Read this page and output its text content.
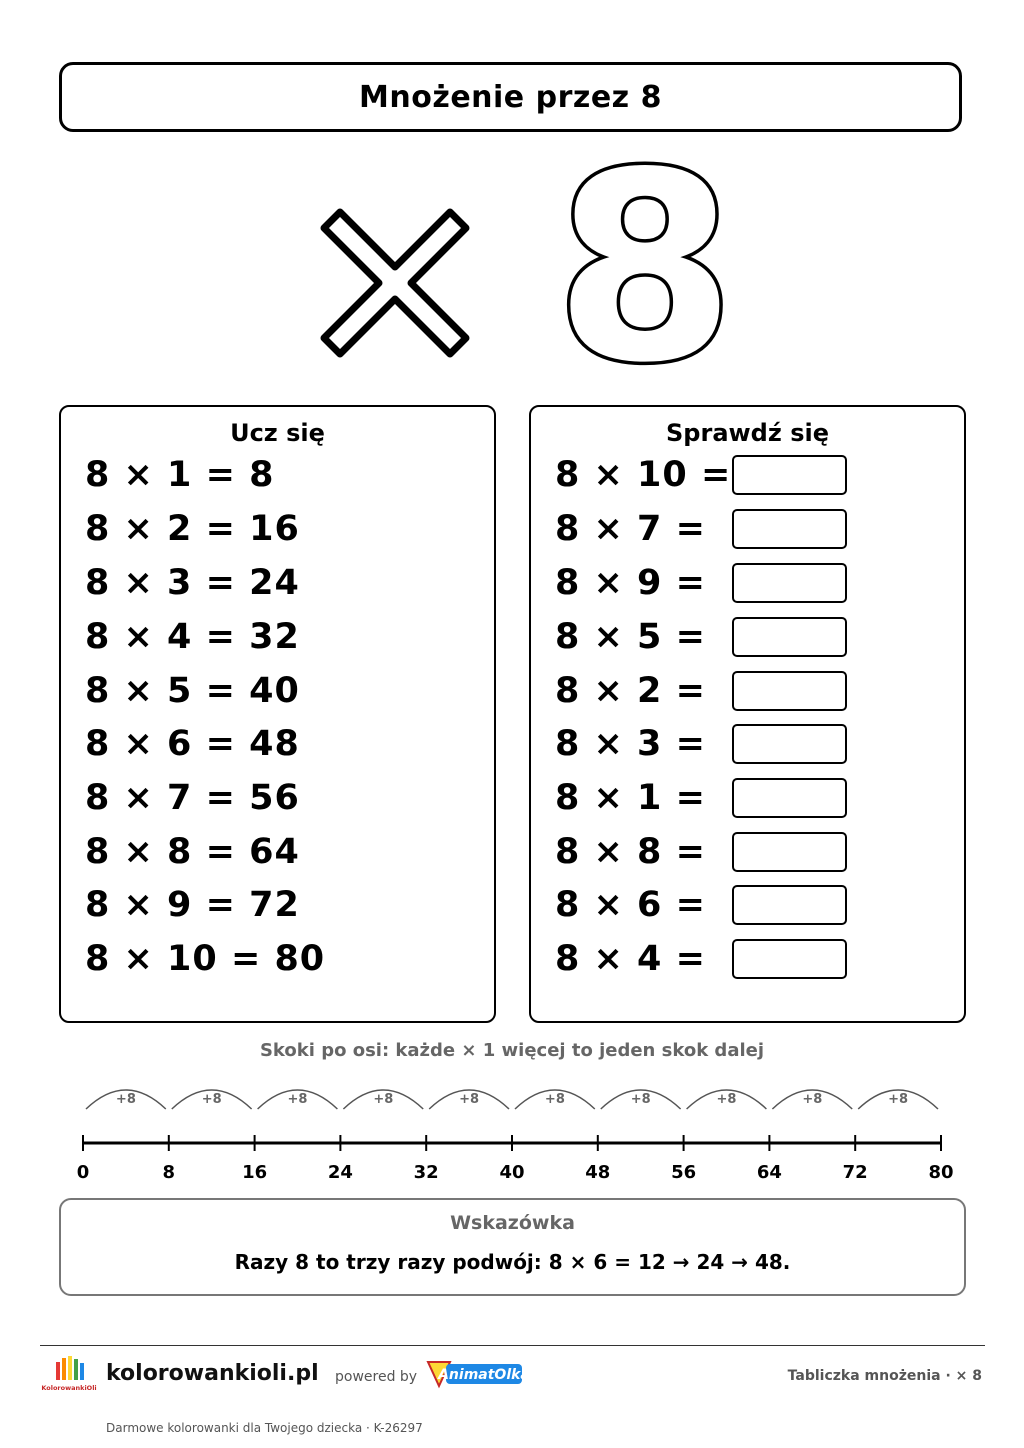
Mnożenie przez 8
8
Ucz się
8 × 1 = 8
8 × 2 = 16
8 × 3 = 24
8 × 4 = 32
8 × 5 = 40
8 × 6 = 48
8 × 7 = 56
8 × 8 = 64
8 × 9 = 72
8 × 10 = 80
Sprawdź się
8 × 10 =
8 × 7 =
8 × 9 =
8 × 5 =
8 × 2 =
8 × 3 =
8 × 1 =
8 × 8 =
8 × 6 =
8 × 4 =
Skoki po osi: każde × 1 więcej to jeden skok dalej
0
+8
8
+8
16
+8
24
+8
32
+8
40
+8
48
+8
56
+8
64
+8
72
+8
80
Wskazówka
Razy 8 to trzy razy podwój: 8 × 6 = 12 → 24 → 48.
KolorowankiOli
kolorowankioli.pl powered by AnimatOlka	Tabliczka mnożenia · × 8
Darmowe kolorowanki dla Twojego dziecka · K-26297
